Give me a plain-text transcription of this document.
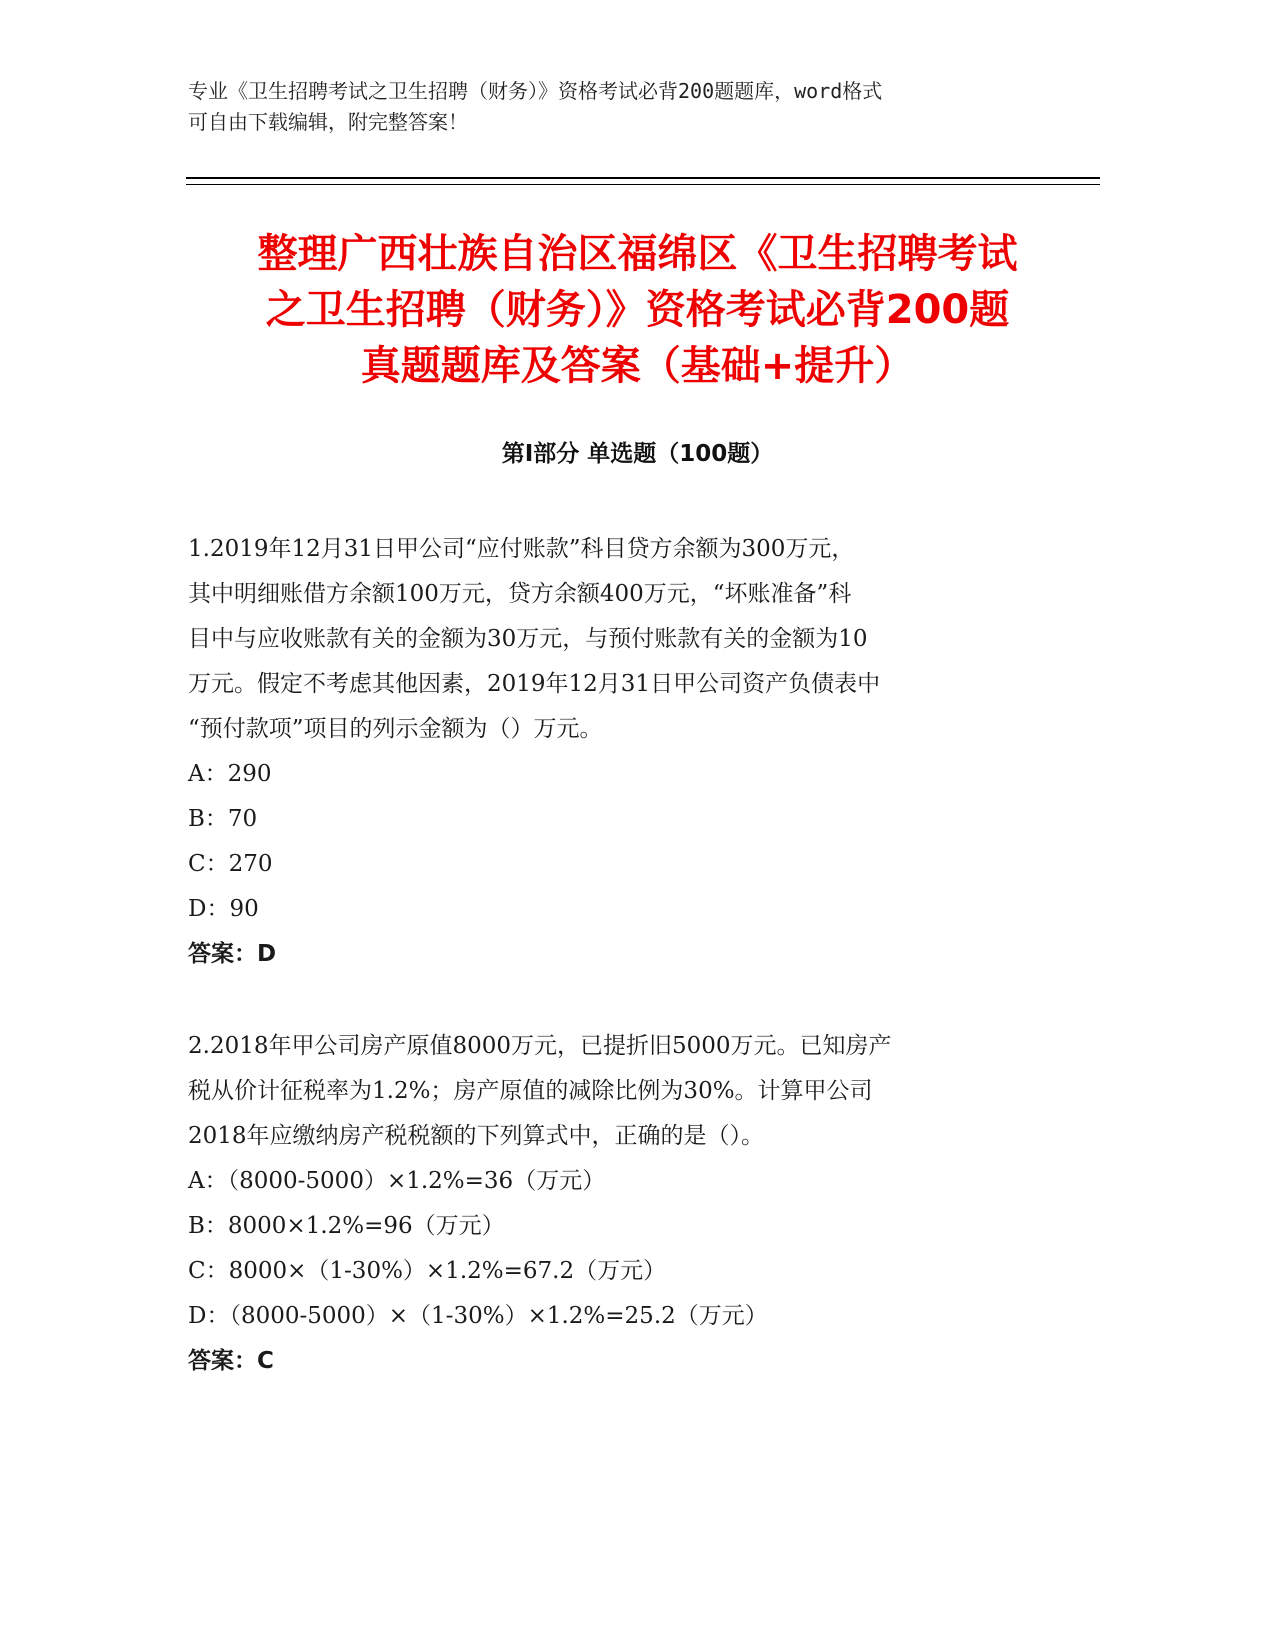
专业《卫生招聘考试之卫生招聘（财务）》资格考试必背200题题库，word格式
可自由下载编辑，附完整答案！
整理广西壮族自治区福绵区《卫生招聘考试
之卫生招聘（财务）》资格考试必背200题
真题题库及答案（基础+提升）
第I部分 单选题（100题）
1.2019年12月31日甲公司“应付账款”科目贷方余额为300万元，
其中明细账借方余额100万元，贷方余额400万元，“坏账准备”科
目中与应收账款有关的金额为30万元，与预付账款有关的金额为10
万元。假定不考虑其他因素，2019年12月31日甲公司资产负债表中
“预付款项”项目的列示金额为（）万元。
A：290
B：70
C：270
D：90
答案：D
2.2018年甲公司房产原值8000万元，已提折旧5000万元。已知房产
税从价计征税率为1.2%；房产原值的减除比例为30%。计算甲公司
2018年应缴纳房产税税额的下列算式中，正确的是（）。
A：（8000-5000）×1.2%=36（万元）
B：8000×1.2%=96（万元）
C：8000×（1-30%）×1.2%=67.2（万元）
D：（8000-5000）×（1-30%）×1.2%=25.2（万元）
答案：C
